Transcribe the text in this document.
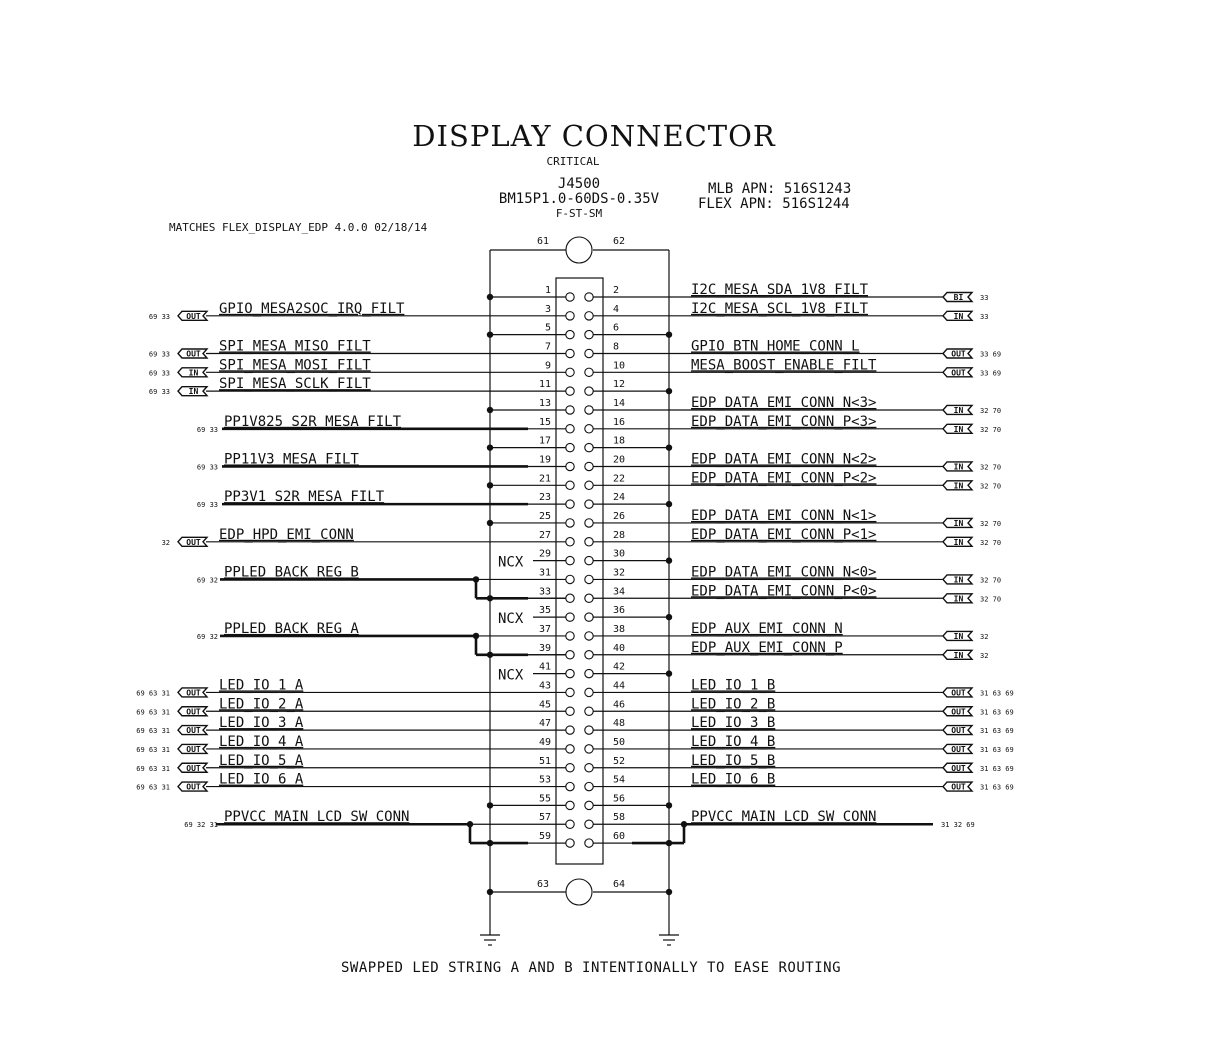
DISPLAY CONNECTOR
CRITICAL
J4500
BM15P1.0-60DS-0.35V
F-ST-SM
MLB APN: 516S1243
FLEX APN: 516S1244
MATCHES FLEX_DISPLAY_EDP 4.0.0 02/18/14
61	62
63	64
1	2
3	4
5	6
7	8
9	10
11	12
13	14
15	16
17	18
19	20
21	22
23	24
25	26
27	28
29	30
31	32
33	34
35	36
37	38
39	40
41	42
43	44
45	46
47	48
49	50
51	52
53	54
55	56
57	58
59	60
I2C_MESA_SDA_1V8_FILT	BI 33
GPIO_MESA2SOC_IRQ_FILT
OUT
69 33	I2C_MESA_SCL_1V8_FILT	IN 33
SPI_MESA_MISO_FILT
OUT
69 33	GPIO_BTN_HOME_CONN_L	OUT 33 69
SPI_MESA_MOSI_FILT
IN
69 33	MESA_BOOST_ENABLE_FILT	OUT 33 69
SPI_MESA_SCLK_FILT
IN
69 33
EDP_DATA_EMI_CONN_N<3>	IN 32 70
PP1V825_S2R_MESA_FILT
69 33	EDP_DATA_EMI_CONN_P<3>	IN 32 70
PP11V3_MESA_FILT
69 33	EDP_DATA_EMI_CONN_N<2>	IN 32 70
EDP_DATA_EMI_CONN_P<2>	IN 32 70
PP3V1_S2R_MESA_FILT
69 33
EDP_DATA_EMI_CONN_N<1>	IN 32 70
EDP_HPD_EMI_CONN
OUT
32	EDP_DATA_EMI_CONN_P<1>	IN 32 70
NCX
PPLED_BACK_REG_B
69 32	EDP_DATA_EMI_CONN_N<0>	IN 32 70
EDP_DATA_EMI_CONN_P<0>	IN 32 70
NCX
PPLED_BACK_REG_A
69 32	EDP_AUX_EMI_CONN_N	IN 32
EDP_AUX_EMI_CONN_P	IN 32
NCX
LED_IO_1_A
OUT
69 63 31	LED_IO_1_B	OUT 31 63 69
LED_IO_2_A
OUT
69 63 31	LED_IO_2_B	OUT 31 63 69
LED_IO_3_A
OUT
69 63 31	LED_IO_3_B	OUT 31 63 69
LED_IO_4_A
OUT
69 63 31	LED_IO_4_B	OUT 31 63 69
LED_IO_5_A
OUT
69 63 31	LED_IO_5_B	OUT 31 63 69
LED_IO_6_A
OUT
69 63 31	LED_IO_6_B	OUT 31 63 69
PPVCC_MAIN_LCD_SW_CONN
69 32 31	PPVCC_MAIN_LCD_SW_CONN	31 32 69
SWAPPED LED STRING A AND B INTENTIONALLY TO EASE ROUTING
